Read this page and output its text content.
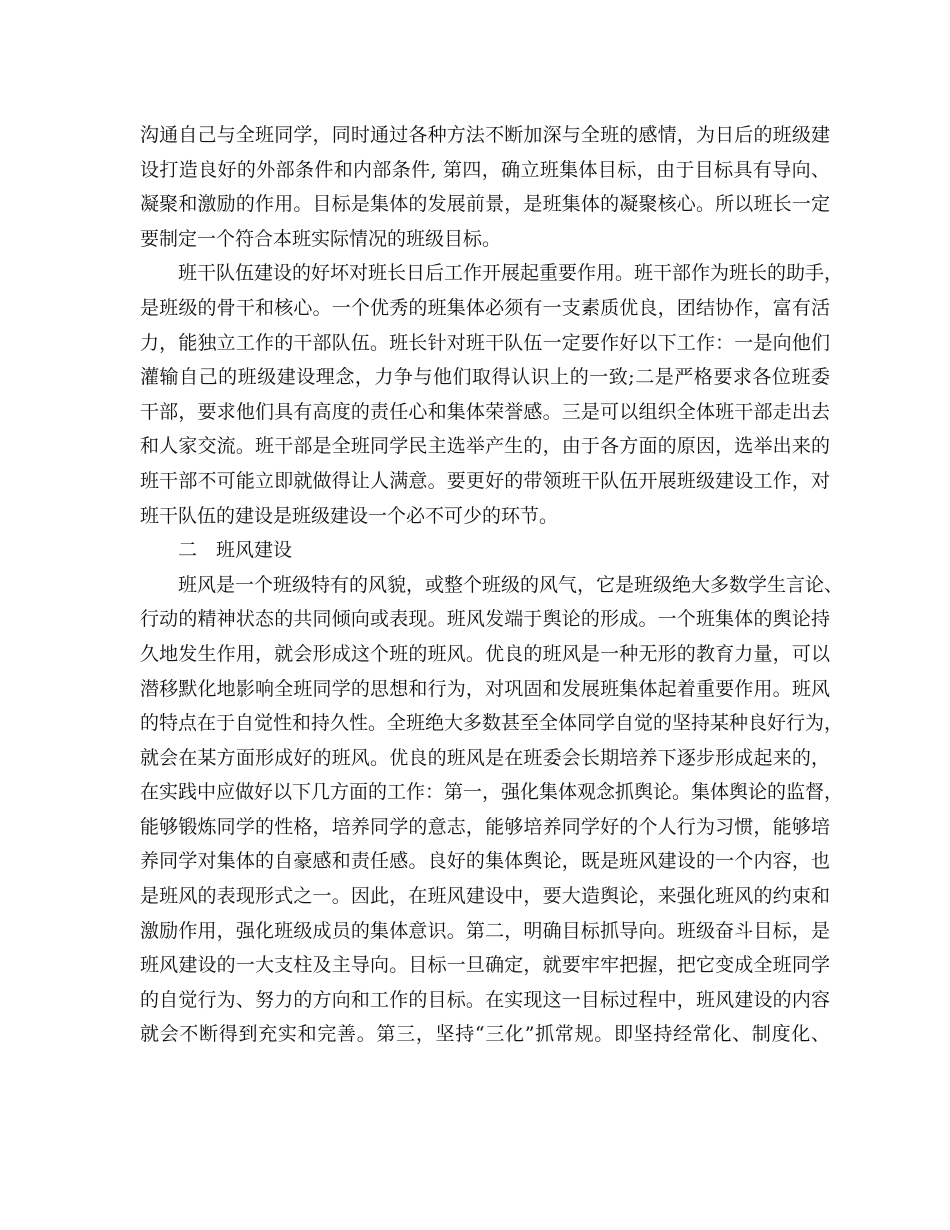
沟通自己与全班同学，同时通过各种方法不断加深与全班的感情，为日后的班级建
设打造良好的外部条件和内部条件, 第四，确立班集体目标，由于目标具有导向、
凝聚和激励的作用。目标是集体的发展前景，是班集体的凝聚核心。所以班长一定
要制定一个符合本班实际情况的班级目标。
班干队伍建设的好坏对班长日后工作开展起重要作用。班干部作为班长的助手，
是班级的骨干和核心。一个优秀的班集体必须有一支素质优良，团结协作，富有活
力，能独立工作的干部队伍。班长针对班干队伍一定要作好以下工作：一是向他们
灌输自己的班级建设理念，力争与他们取得认识上的一致;二是严格要求各位班委
干部，要求他们具有高度的责任心和集体荣誉感。三是可以组织全体班干部走出去
和人家交流。班干部是全班同学民主选举产生的，由于各方面的原因，选举出来的
班干部不可能立即就做得让人满意。要更好的带领班干队伍开展班级建设工作，对
班干队伍的建设是班级建设一个必不可少的环节。
二　班风建设
班风是一个班级特有的风貌，或整个班级的风气，它是班级绝大多数学生言论、
行动的精神状态的共同倾向或表现。班风发端于舆论的形成。一个班集体的舆论持
久地发生作用，就会形成这个班的班风。优良的班风是一种无形的教育力量，可以
潜移默化地影响全班同学的思想和行为，对巩固和发展班集体起着重要作用。班风
的特点在于自觉性和持久性。全班绝大多数甚至全体同学自觉的坚持某种良好行为，
就会在某方面形成好的班风。优良的班风是在班委会长期培养下逐步形成起来的，
在实践中应做好以下几方面的工作：第一，强化集体观念抓舆论。集体舆论的监督，
能够锻炼同学的性格，培养同学的意志，能够培养同学好的个人行为习惯，能够培
养同学对集体的自豪感和责任感。良好的集体舆论，既是班风建设的一个内容，也
是班风的表现形式之一。因此，在班风建设中，要大造舆论，来强化班风的约束和
激励作用，强化班级成员的集体意识。第二，明确目标抓导向。班级奋斗目标，是
班风建设的一大支柱及主导向。目标一旦确定，就要牢牢把握，把它变成全班同学
的自觉行为、努力的方向和工作的目标。在实现这一目标过程中，班风建设的内容
就会不断得到充实和完善。第三，坚持“三化”抓常规。即坚持经常化、制度化、
